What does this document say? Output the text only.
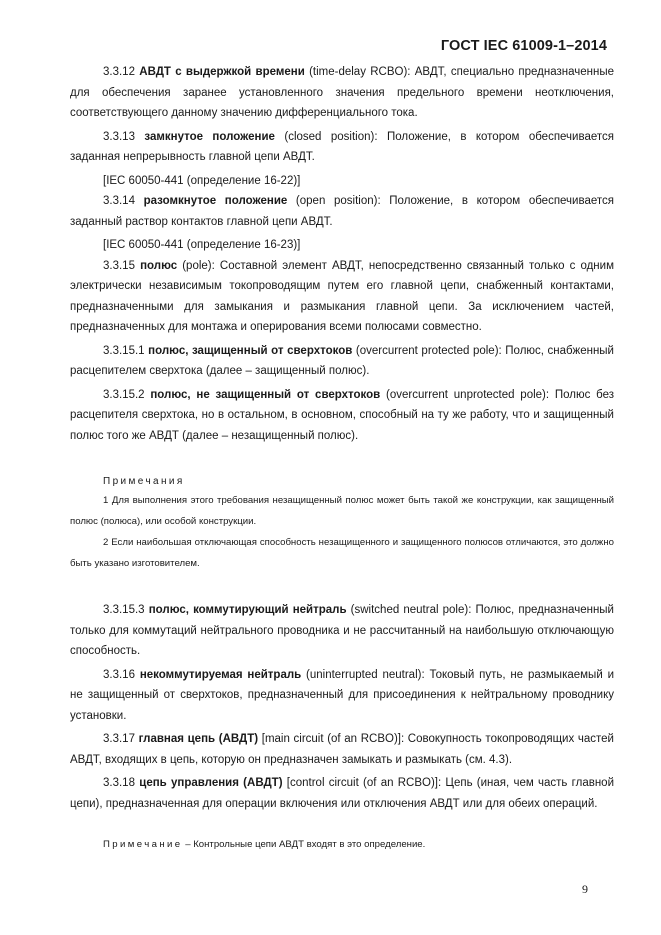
ГОСТ IEC 61009-1–2014

3.3.12 АВДТ с выдержкой времени (time-delay RCBO): АВДТ, специально предназначенные для обеспечения заранее установленного значения предельного времени неотключения, соответствующего данному значению дифференциального тока.

3.3.13 замкнутое положение (closed position): Положение, в котором обеспечивается заданная непрерывность главной цепи АВДТ.

[IEC 60050-441 (определение 16-22)]

3.3.14 разомкнутое положение (open position): Положение, в котором обеспечивается заданный раствор контактов главной цепи АВДТ.

[IEC 60050-441 (определение 16-23)]

3.3.15 полюс (pole): Составной элемент АВДТ, непосредственно связанный только с одним электрически независимым токопроводящим путем его главной цепи, снабженный контактами, предназначенными для замыкания и размыкания главной цепи. За исключением частей, предназначенных для монтажа и оперирования всеми полюсами совместно.

3.3.15.1 полюс, защищенный от сверхтоков (overcurrent protected pole): Полюс, снабженный расцепителем сверхтока (далее – защищенный полюс).

3.3.15.2 полюс, не защищенный от сверхтоков (overcurrent unprotected pole): Полюс без расцепителя сверхтока, но в остальном, в основном, способный на ту же работу, что и защищенный полюс того же АВДТ (далее – незащищенный полюс).

Примечания

1 Для выполнения этого требования незащищенный полюс может быть такой же конструкции, как защищенный полюс (полюса), или особой конструкции.

2 Если наибольшая отключающая способность незащищенного и защищенного полюсов отличаются, это должно быть указано изготовителем.

3.3.15.3 полюс, коммутирующий нейтраль (switched neutral pole): Полюс, предназначенный только для коммутаций нейтрального проводника и не рассчитанный на наибольшую отключающую способность.

3.3.16 некоммутируемая нейтраль (uninterrupted neutral): Токовый путь, не размыкаемый и не защищенный от сверхтоков, предназначенный для присоединения к нейтральному проводнику установки.

3.3.17 главная цепь (АВДТ) [main circuit (of an RCBO)]: Совокупность токопроводящих частей АВДТ, входящих в цепь, которую он предназначен замыкать и размыкать (см. 4.3).

3.3.18 цепь управления (АВДТ) [control circuit (of an RCBO)]: Цепь (иная, чем часть главной цепи), предназначенная для операции включения или отключения АВДТ или для обеих операций.

Примечание – Контрольные цепи АВДТ входят в это определение.

9
